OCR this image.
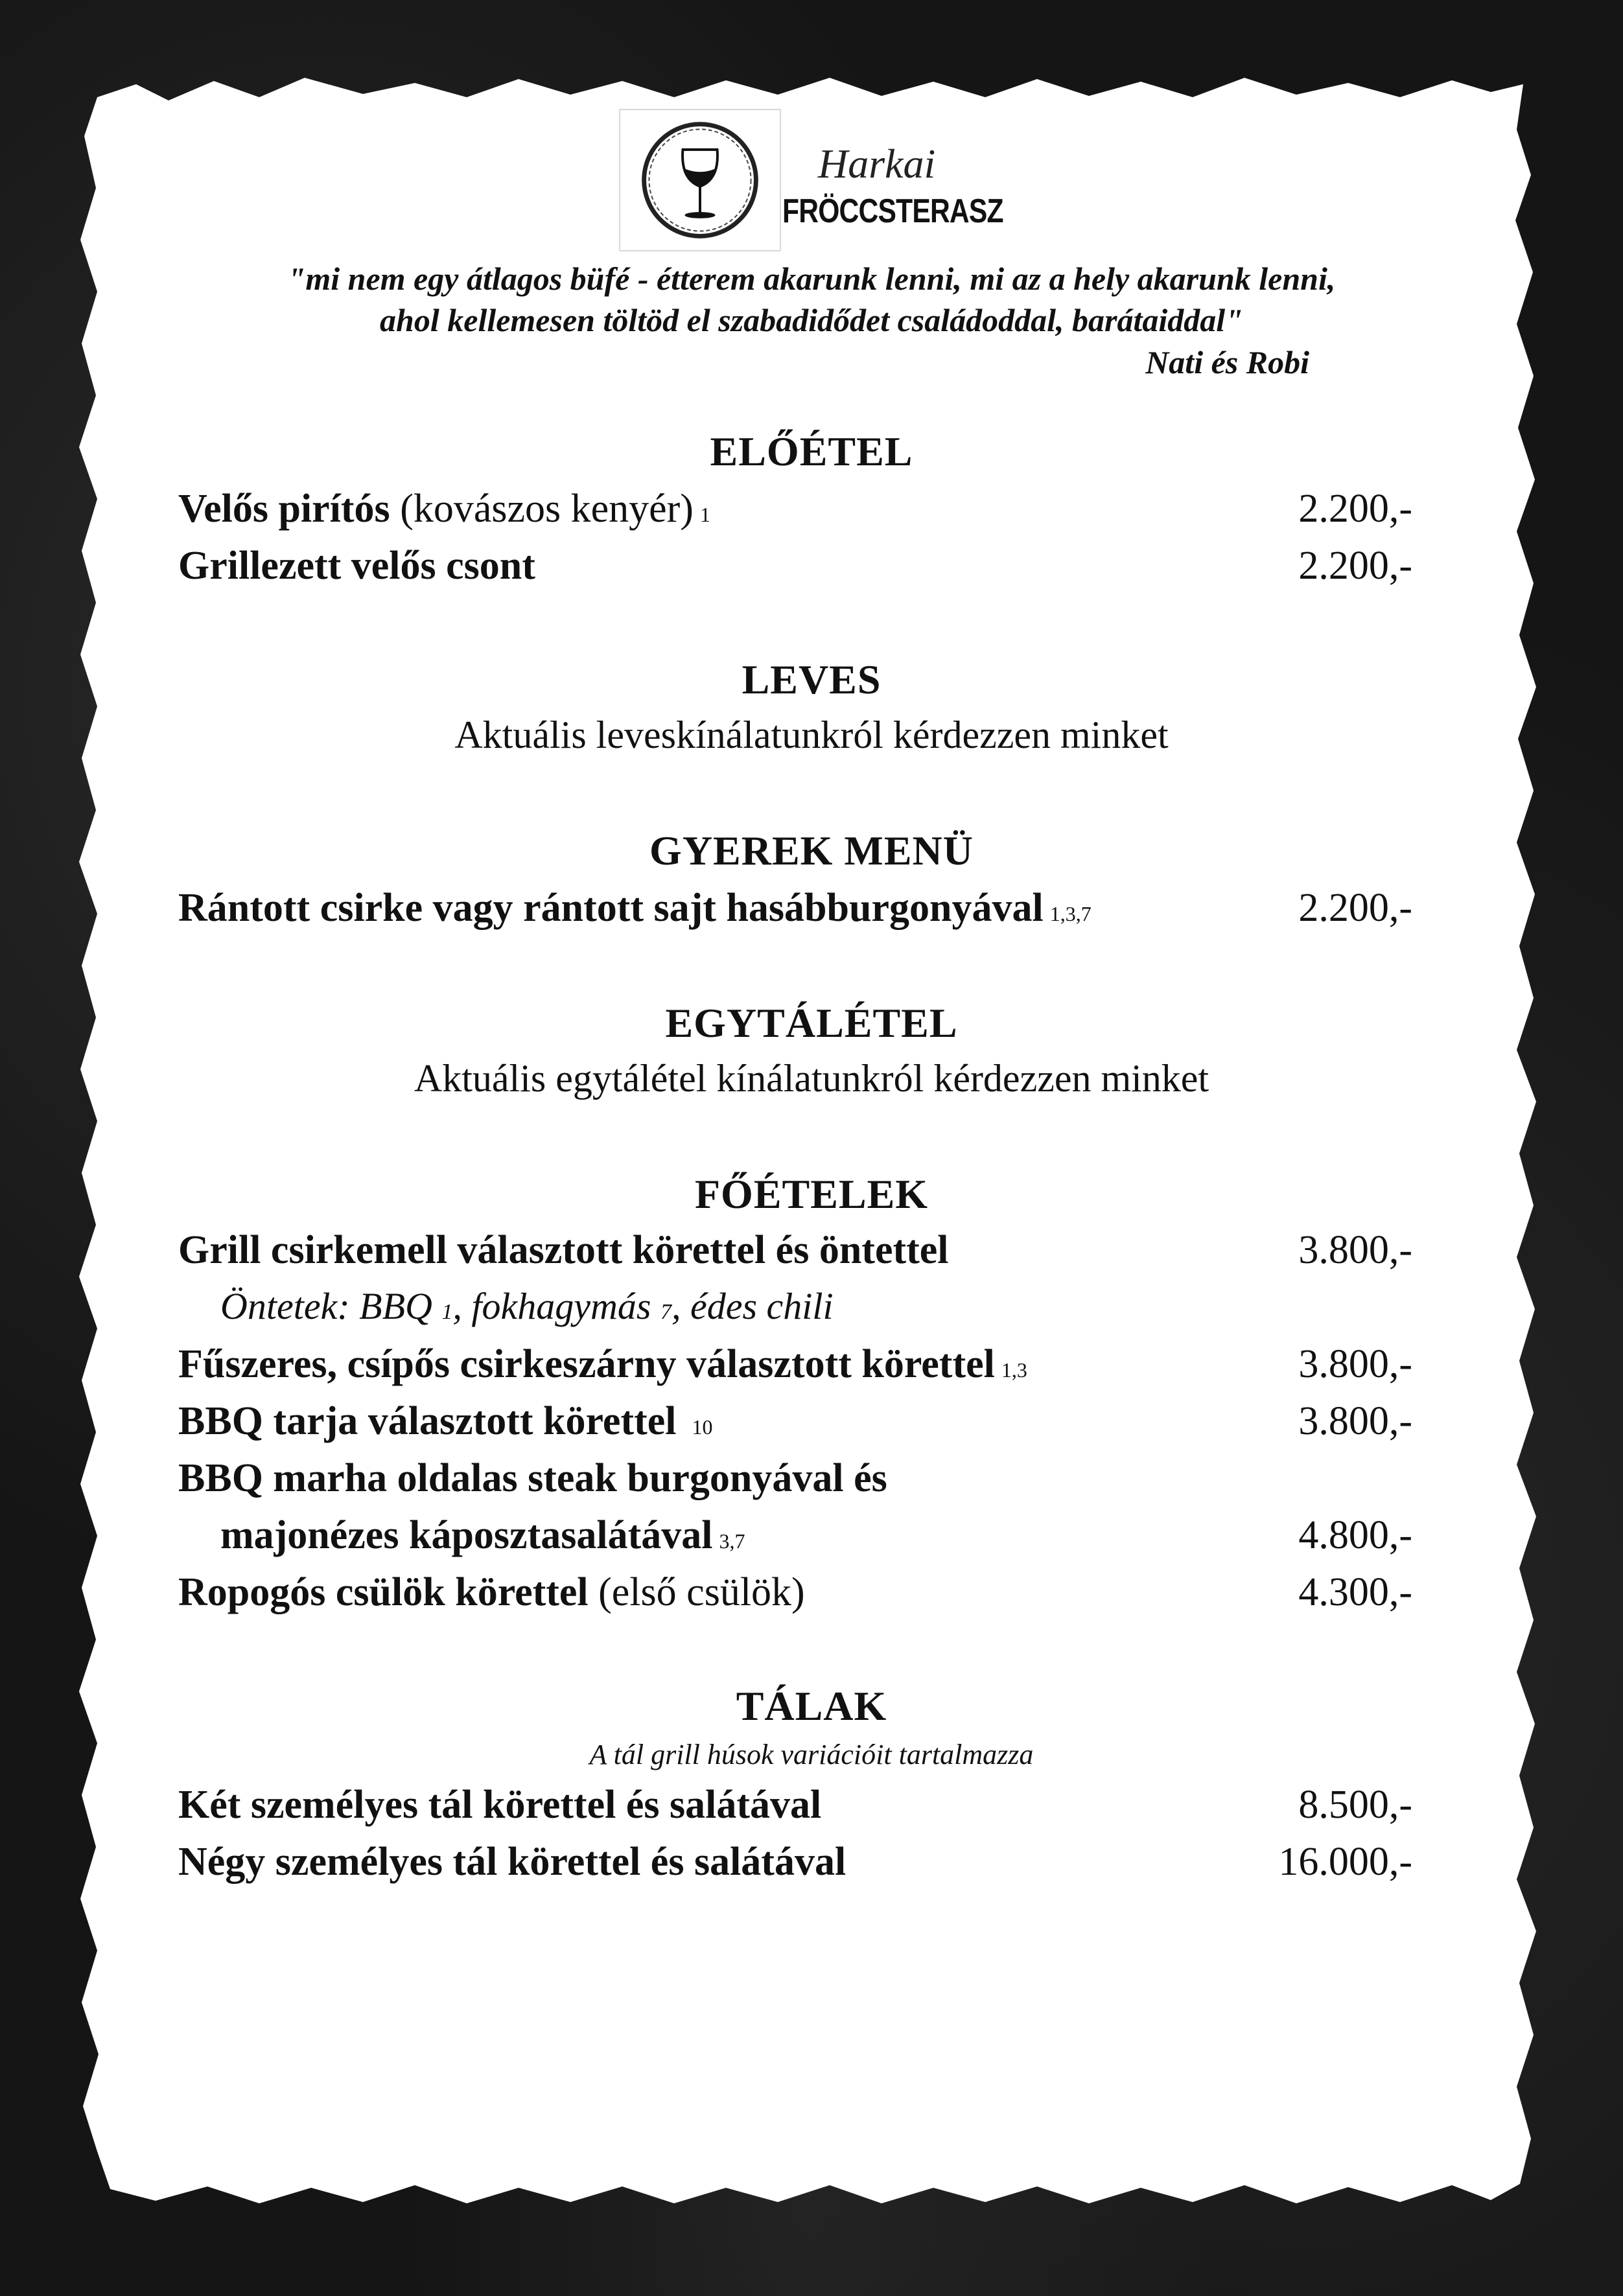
Harkai
FRÖCCSTERASZ
"mi nem egy átlagos büfé - étterem akarunk lenni, mi az a hely akarunk lenni,
ahol kellemesen töltöd el szabadidődet családoddal, barátaiddal"
Nati és Robi
ELŐÉTEL
Velős pirítós (kovászos kenyér) 1	2.200,-
Grillezett velős csont	2.200,-
LEVES
Aktuális leveskínálatunkról kérdezzen minket
GYEREK MENÜ
Rántott csirke vagy rántott sajt hasábburgonyával 1,3,7	2.200,-
EGYTÁLÉTEL
Aktuális egytálétel kínálatunkról kérdezzen minket
FŐÉTELEK
Grill csirkemell választott körettel és öntettel	3.800,-
Öntetek: BBQ 1, fokhagymás 7, édes chili
Fűszeres, csípős csirkeszárny választott körettel 1,3	3.800,-
BBQ tarja választott körettel 10	3.800,-
BBQ marha oldalas steak burgonyával és
majonézes káposztasalátával 3,7	4.800,-
Ropogós csülök körettel (első csülök)	4.300,-
TÁLAK
A tál grill húsok variációit tartalmazza
Két személyes tál körettel és salátával	8.500,-
Négy személyes tál körettel és salátával	16.000,-
